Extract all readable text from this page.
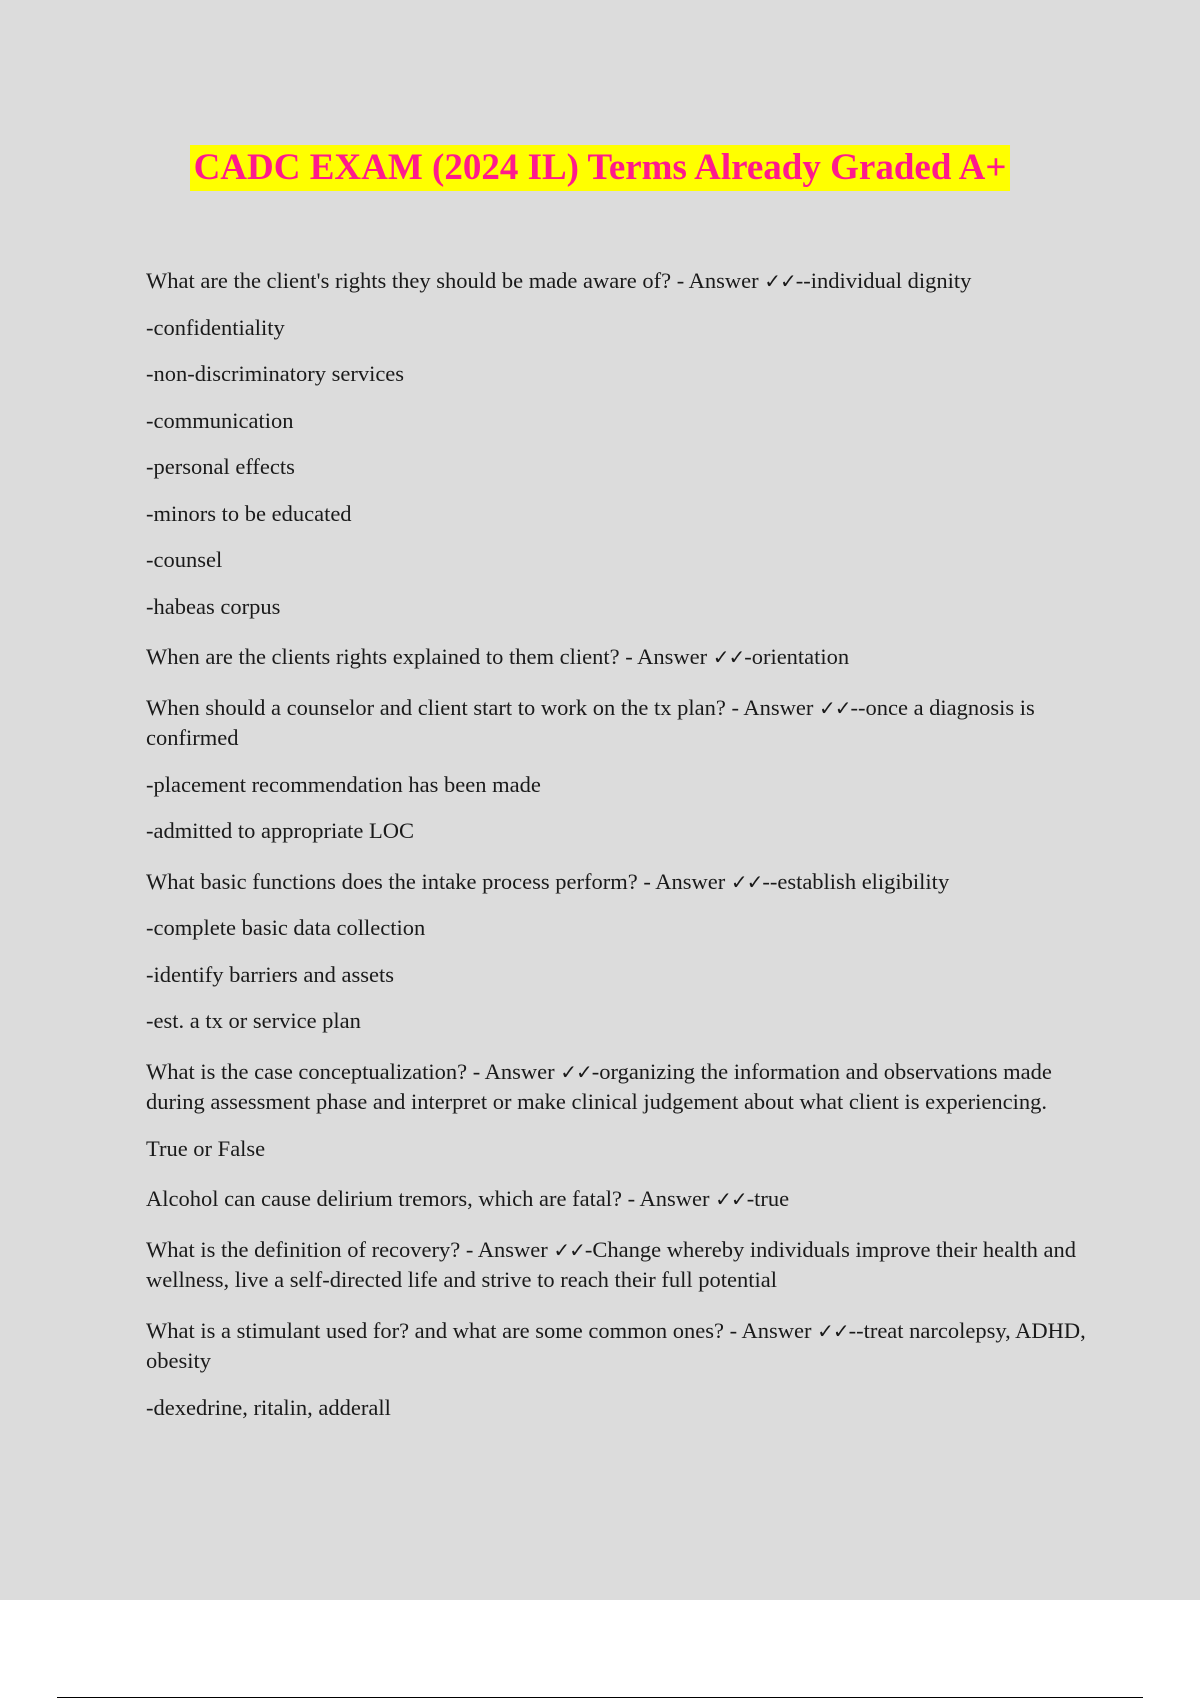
CADC EXAM (2024 IL) Terms Already Graded A+

What are the client's rights they should be made aware of? - Answer ✓✓--individual dignity

-confidentiality

-non-discriminatory services

-communication

-personal effects

-minors to be educated

-counsel

-habeas corpus

When are the clients rights explained to them client? - Answer ✓✓-orientation

When should a counselor and client start to work on the tx plan? - Answer ✓✓--once a diagnosis is confirmed

-placement recommendation has been made

-admitted to appropriate LOC

What basic functions does the intake process perform? - Answer ✓✓--establish eligibility

-complete basic data collection

-identify barriers and assets

-est. a tx or service plan

What is the case conceptualization? - Answer ✓✓-organizing the information and observations made during assessment phase and interpret or make clinical judgement about what client is experiencing.

True or False

Alcohol can cause delirium tremors, which are fatal? - Answer ✓✓-true

What is the definition of recovery? - Answer ✓✓-Change whereby individuals improve their health and wellness, live a self-directed life and strive to reach their full potential

What is a stimulant used for? and what are some common ones? - Answer ✓✓--treat narcolepsy, ADHD, obesity

-dexedrine, ritalin, adderall
